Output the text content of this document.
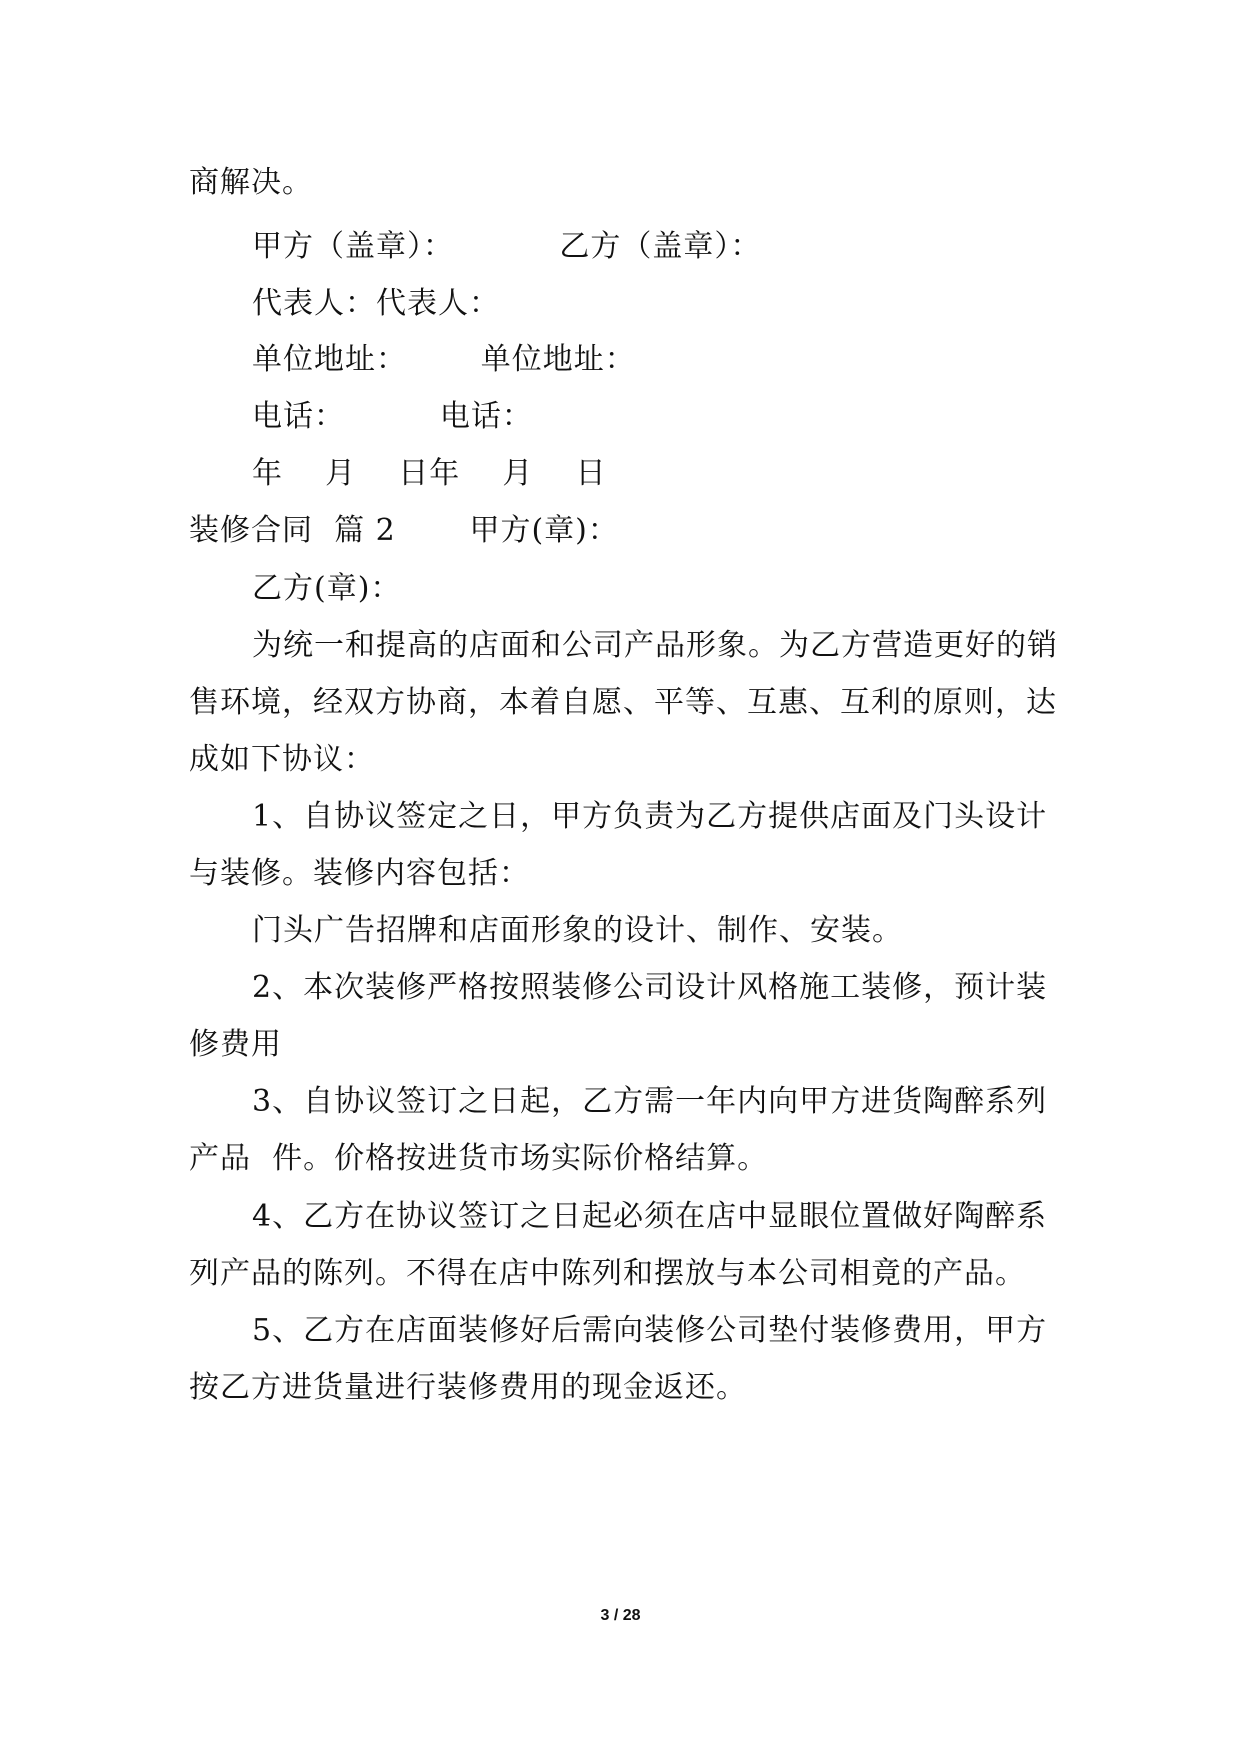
商解决。
甲方（盖章）：          乙方（盖章）：
代表人：代表人：
单位地址：       单位地址：
电话：         电话：
年    月    日年    月    日
装修合同  篇 2       甲方(章)：
乙方(章)：
为统一和提高的店面和公司产品形象。为乙方营造更好的销
售环境，经双方协商，本着自愿、平等、互惠、互利的原则，达
成如下协议：
1、自协议签定之日，甲方负责为乙方提供店面及门头设计
与装修。装修内容包括：
门头广告招牌和店面形象的设计、制作、安装。
2、本次装修严格按照装修公司设计风格施工装修，预计装
修费用
3、自协议签订之日起，乙方需一年内向甲方进货陶醉系列
产品  件。价格按进货市场实际价格结算。
4、乙方在协议签订之日起必须在店中显眼位置做好陶醉系
列产品的陈列。不得在店中陈列和摆放与本公司相竟的产品。
5、乙方在店面装修好后需向装修公司垫付装修费用，甲方
按乙方进货量进行装修费用的现金返还。
3 / 28
